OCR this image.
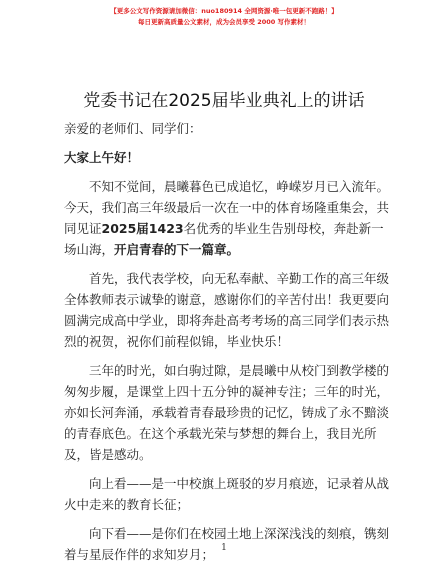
【更多公文写作资源请加微信：nuo180914 全网资源·唯一包更新不跑路！】
每日更新高质量公文素材，成为会员享受 2000 写作素材！
党委书记在2025届毕业典礼上的讲话

亲爱的老师们、同学们：

大家上午好！

不知不觉间，晨曦暮色已成追忆，峥嵘岁月已入流年。今天，我们高三年级最后一次在一中的体育场隆重集会，共同见证2025届1423名优秀的毕业生告别母校，奔赴新一场山海，开启青春的下一篇章。

首先，我代表学校，向无私奉献、辛勤工作的高三年级全体教师表示诚挚的谢意，感谢你们的辛苦付出！我更要向圆满完成高中学业，即将奔赴高考考场的高三同学们表示热烈的祝贺，祝你们前程似锦，毕业快乐！

三年的时光，如白驹过隙，是晨曦中从校门到教学楼的匆匆步履，是课堂上四十五分钟的凝神专注；三年的时光，亦如长河奔涌，承载着青春最珍贵的记忆，铸成了永不黯淡的青春底色。在这个承载光荣与梦想的舞台上，我目光所及，皆是感动。

向上看——是一中校旗上斑驳的岁月痕迹，记录着从战火中走来的教育长征；

向下看——是你们在校园土地上深深浅浅的刻痕，镌刻着与星辰作伴的求知岁月； 1
